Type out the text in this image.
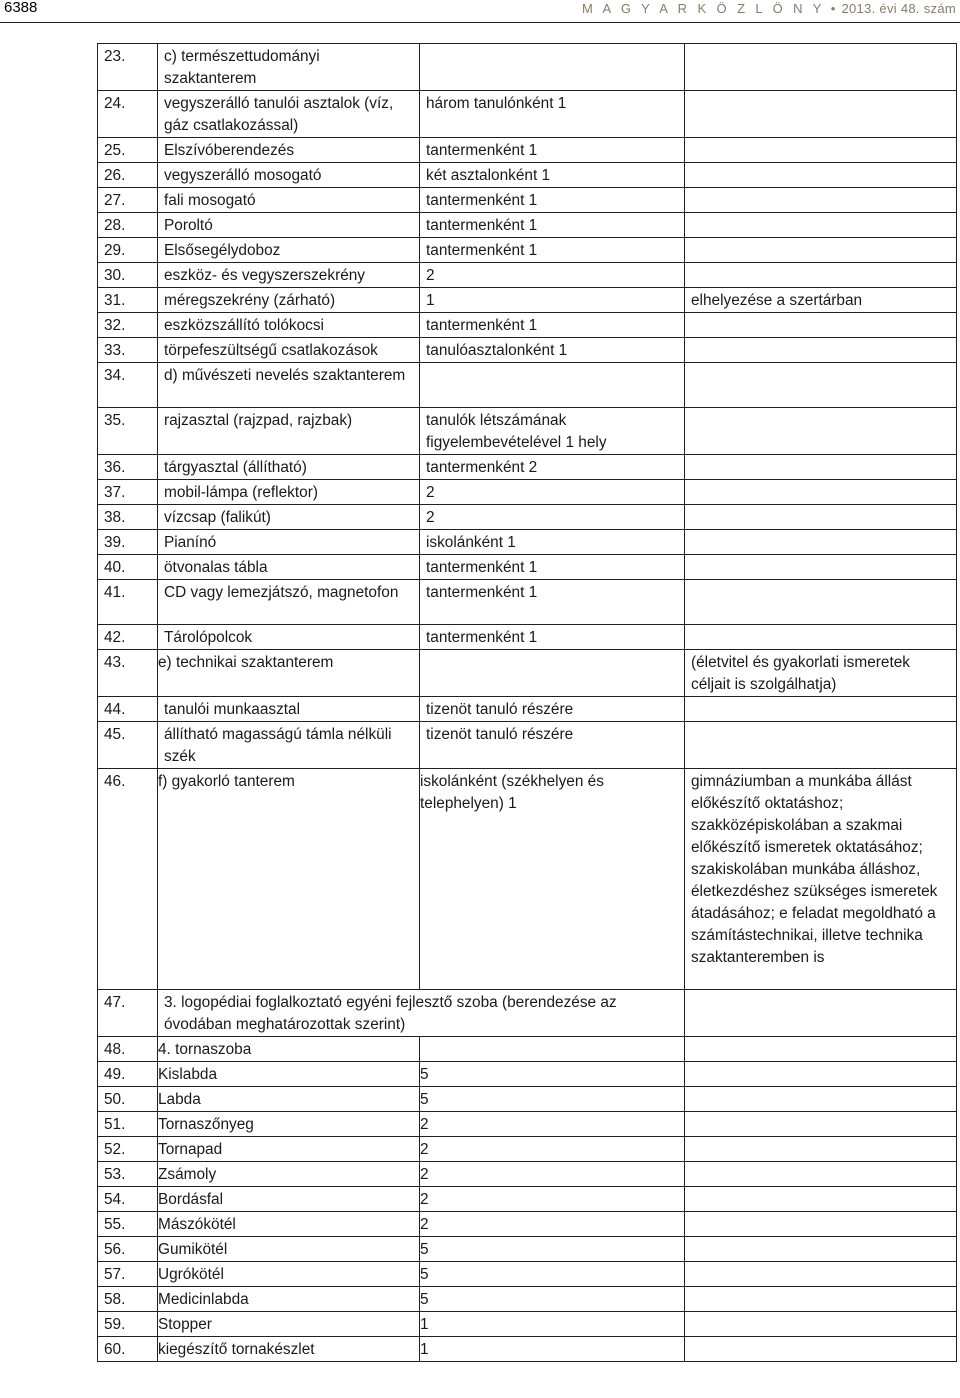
6388	M A G Y A R K Ö Z L Ö N Y • 2013. évi 48. szám
23.	c) természettudományi szaktanterem		
24.	vegyszerálló tanulói asztalok (víz, gáz csatlakozással)	három tanulónként 1	
25.	Elszívóberendezés	tantermenként 1	
26.	vegyszerálló mosogató	két asztalonként 1	
27.	fali mosogató	tantermenként 1	
28.	Poroltó	tantermenként 1	
29.	Elsősegélydoboz	tantermenként 1	
30.	eszköz- és vegyszerszekrény	2	
31.	méregszekrény (zárható)	1	elhelyezése a szertárban
32.	eszközszállító tolókocsi	tantermenként 1	
33.	törpefeszültségű csatlakozások	tanulóasztalonként 1	
34.	d) művészeti nevelés szaktanterem		
35.	rajzasztal (rajzpad, rajzbak)	tanulók létszámának figyelembevételével 1 hely	
36.	tárgyasztal (állítható)	tantermenként 2	
37.	mobil-lámpa (reflektor)	2	
38.	vízcsap (falikút)	2	
39.	Pianínó	iskolánként 1	
40.	ötvonalas tábla	tantermenként 1	
41.	CD vagy lemezjátszó, magnetofon	tantermenként 1	
42.	Tárolópolcok	tantermenként 1	
43.	e) technikai szaktanterem		(életvitel és gyakorlati ismeretek céljait is szolgálhatja)
44.	tanulói munkaasztal	tizenöt tanuló részére	
45.	állítható magasságú támla nélküli szék	tizenöt tanuló részére	
46.	f) gyakorló tanterem	iskolánként (székhelyen és telephelyen) 1	gimnáziumban a munkába állást előkészítő oktatáshoz; szakközépiskolában a szakmai előkészítő ismeretek oktatásához; szakiskolában munkába álláshoz, életkezdéshez szükséges ismeretek átadásához; e feladat megoldható a számítástechnikai, illetve technika szaktanteremben is
47.	3. logopédiai foglalkoztató egyéni fejlesztő szoba (berendezése az óvodában meghatározottak szerint)		
48.	4. tornaszoba		
49.	Kislabda	5	
50.	Labda	5	
51.	Tornaszőnyeg	2	
52.	Tornapad	2	
53.	Zsámoly	2	
54.	Bordásfal	2	
55.	Mászókötél	2	
56.	Gumikötél	5	
57.	Ugrókötél	5	
58.	Medicinlabda	5	
59.	Stopper	1	
60.	kiegészítő tornakészlet	1	
